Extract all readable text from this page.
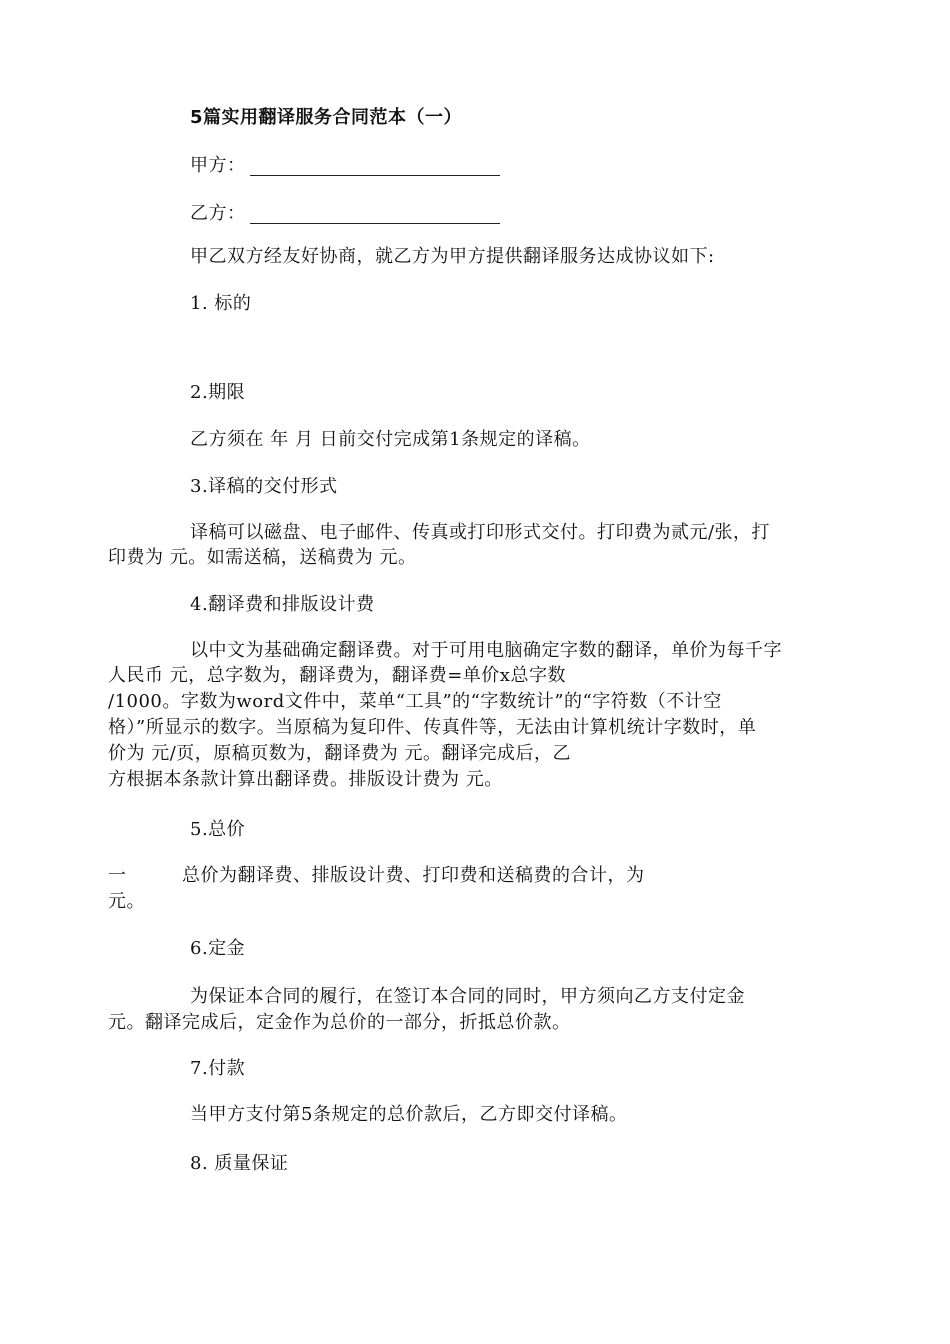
5篇实用翻译服务合同范本（一）
甲方：
乙方：
甲乙双方经友好协商，就乙方为甲方提供翻译服务达成协议如下:
1. 标的
2.期限
乙方须在 年 月 日前交付完成第1条规定的译稿。
3.译稿的交付形式
译稿可以磁盘、电子邮件、传真或打印形式交付。打印费为贰元/张，打
印费为 元。如需送稿，送稿费为 元。
4.翻译费和排版设计费
以中文为基础确定翻译费。对于可用电脑确定字数的翻译，单价为每千字
人民币 元，总字数为，翻译费为，翻译费=单价x总字数
/1000。字数为word文件中，菜单“工具”的“字数统计”的“字符数（不计空
格）”所显示的数字。当原稿为复印件、传真件等，无法由计算机统计字数时，单
价为 元/页，原稿页数为，翻译费为 元。翻译完成后，乙
方根据本条款计算出翻译费。排版设计费为 元。
5.总价
一	总价为翻译费、排版设计费、打印费和送稿费的合计，为
元。
6.定金
为保证本合同的履行，在签订本合同的同时，甲方须向乙方支付定金
元。翻译完成后，定金作为总价的一部分，折抵总价款。
7.付款
当甲方支付第5条规定的总价款后，乙方即交付译稿。
8. 质量保证
